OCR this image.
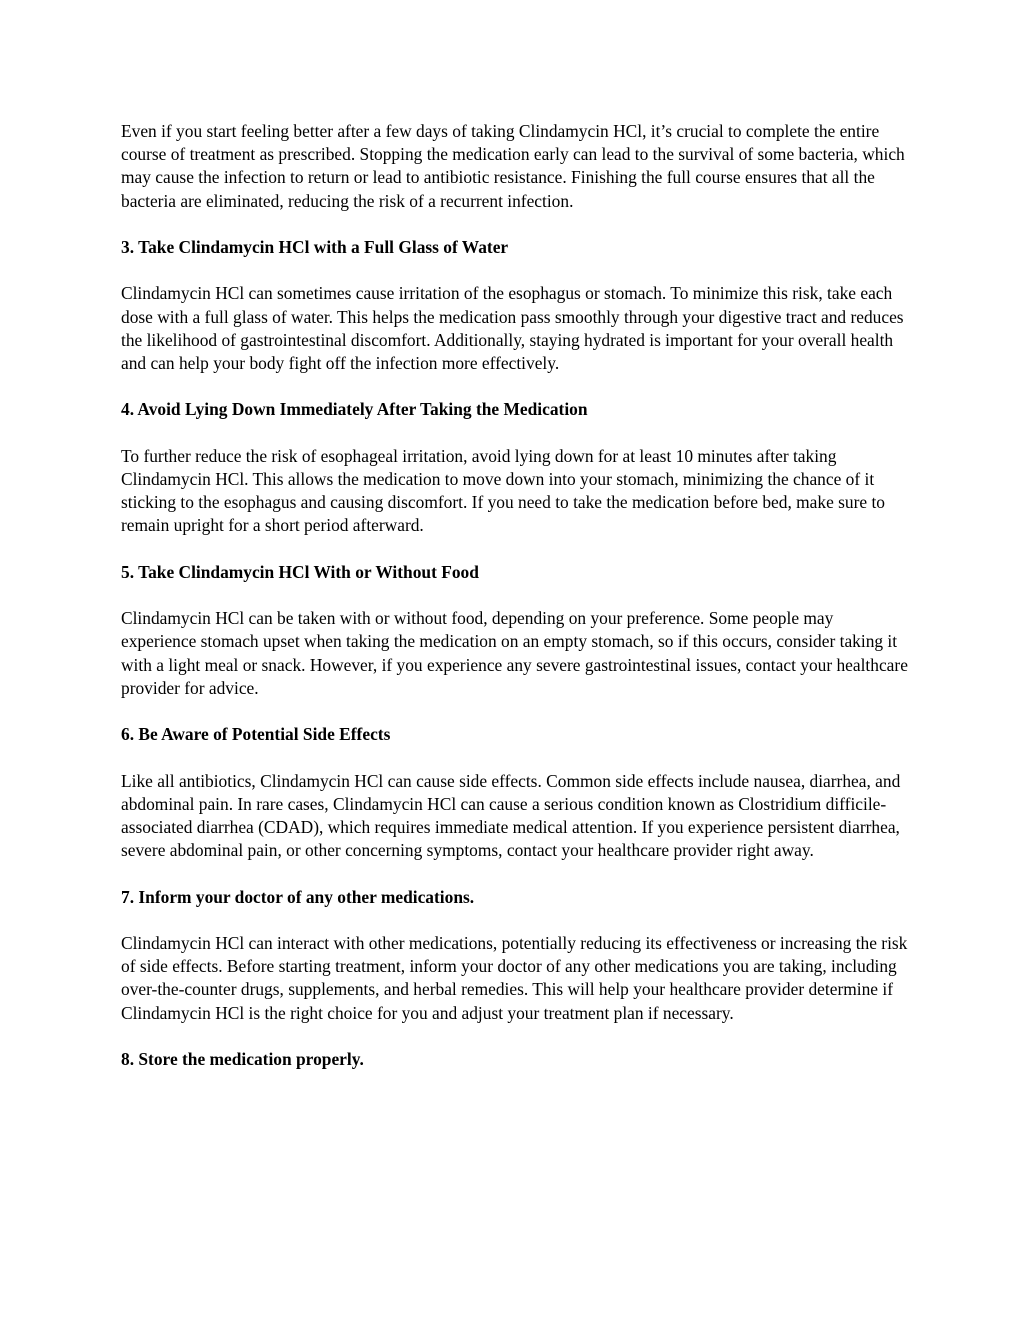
Even if you start feeling better after a few days of taking Clindamycin HCl, it’s crucial to complete the entire course of treatment as prescribed. Stopping the medication early can lead to the survival of some bacteria, which may cause the infection to return or lead to antibiotic resistance. Finishing the full course ensures that all the bacteria are eliminated, reducing the risk of a recurrent infection.

3. Take Clindamycin HCl with a Full Glass of Water

Clindamycin HCl can sometimes cause irritation of the esophagus or stomach. To minimize this risk, take each dose with a full glass of water. This helps the medication pass smoothly through your digestive tract and reduces the likelihood of gastrointestinal discomfort. Additionally, staying hydrated is important for your overall health and can help your body fight off the infection more effectively.

4. Avoid Lying Down Immediately After Taking the Medication

To further reduce the risk of esophageal irritation, avoid lying down for at least 10 minutes after taking Clindamycin HCl. This allows the medication to move down into your stomach, minimizing the chance of it sticking to the esophagus and causing discomfort. If you need to take the medication before bed, make sure to remain upright for a short period afterward.

5. Take Clindamycin HCl With or Without Food

Clindamycin HCl can be taken with or without food, depending on your preference. Some people may experience stomach upset when taking the medication on an empty stomach, so if this occurs, consider taking it with a light meal or snack. However, if you experience any severe gastrointestinal issues, contact your healthcare provider for advice.

6. Be Aware of Potential Side Effects

Like all antibiotics, Clindamycin HCl can cause side effects. Common side effects include nausea, diarrhea, and abdominal pain. In rare cases, Clindamycin HCl can cause a serious condition known as Clostridium difficile-associated diarrhea (CDAD), which requires immediate medical attention. If you experience persistent diarrhea, severe abdominal pain, or other concerning symptoms, contact your healthcare provider right away.

7. Inform your doctor of any other medications.

Clindamycin HCl can interact with other medications, potentially reducing its effectiveness or increasing the risk of side effects. Before starting treatment, inform your doctor of any other medications you are taking, including over-the-counter drugs, supplements, and herbal remedies. This will help your healthcare provider determine if Clindamycin HCl is the right choice for you and adjust your treatment plan if necessary.

8. Store the medication properly.
